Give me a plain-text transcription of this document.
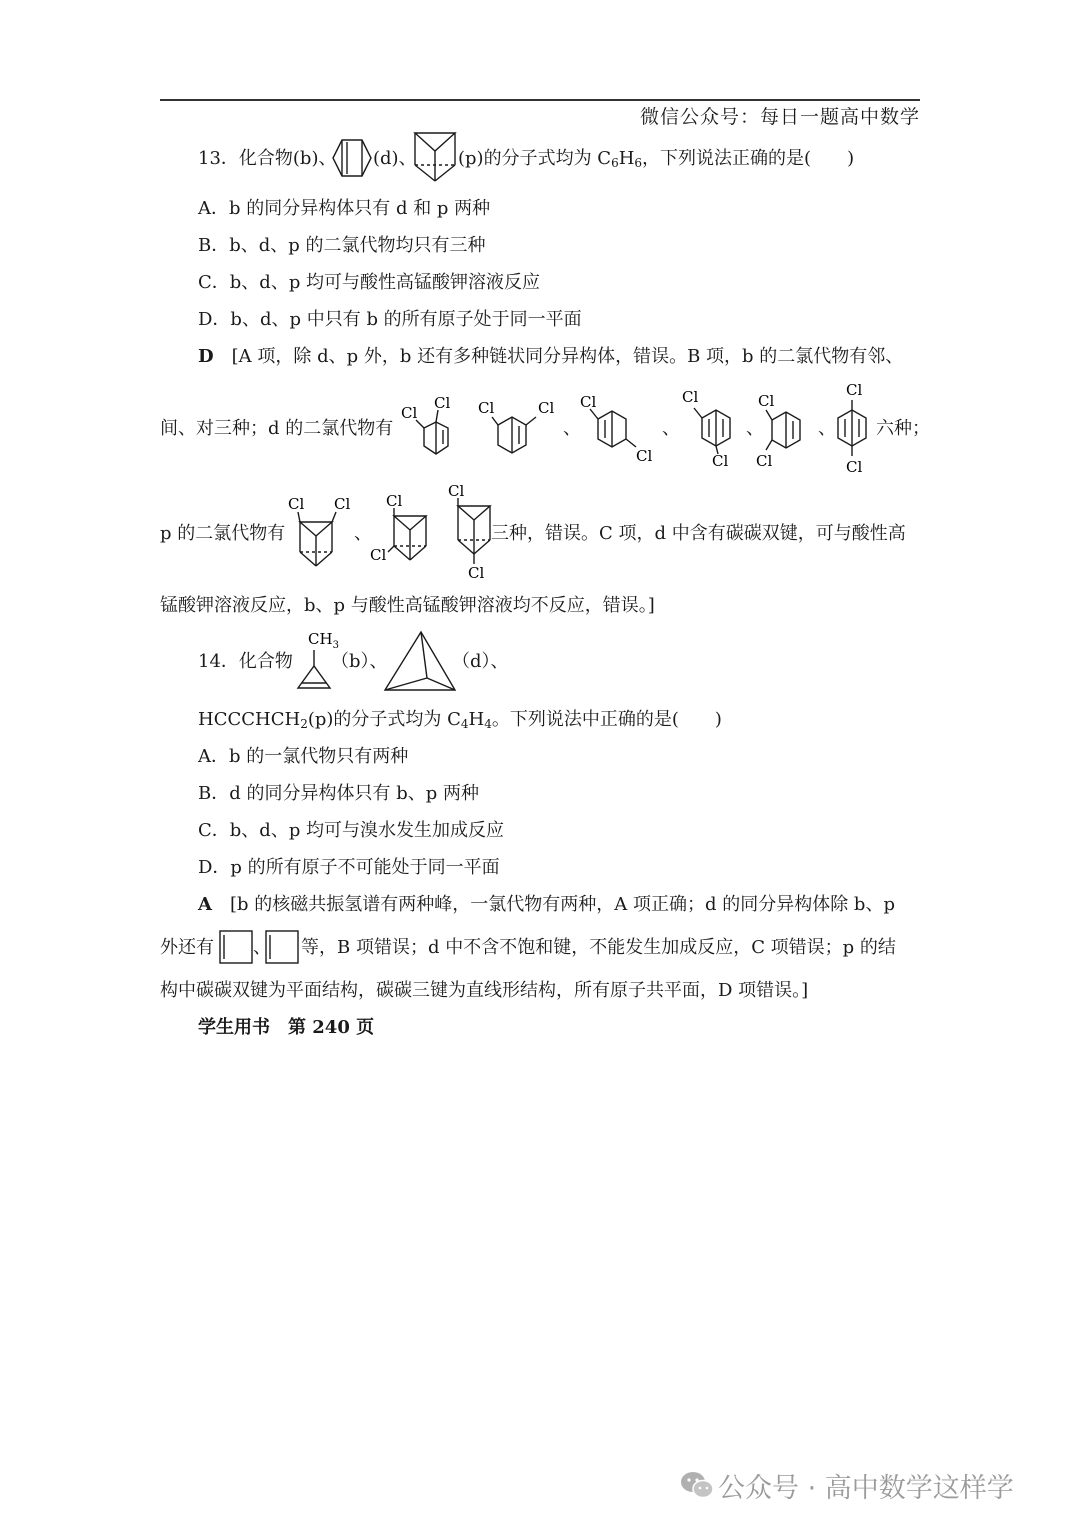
微信公众号：每日一题高中数学
13．化合物(b)、 (d)、 (p)的分子式均为 $C_6H_6$，下列说法正确的是(　　)
A．b 的同分异构体只有 d 和 p 两种
B．b、d、p 的二氯代物均只有三种
C．b、d、p 均可与酸性高锰酸钾溶液反应
D．b、d、p 中只有 b 的所有原子处于同一平面
D　 [A 项，除 d、p 外，b 还有多种链状同分异构体，错误。B 项，b 的二氯代物有邻、
间、对三种；d 的二氯代物有
Cl
Cl	Cl	Cl
、
Cl
Cl
、
Cl
Cl
、
Cl
Cl
、
Cl
Cl
六种；
p 的二氯代物有
Cl Cl
、
Cl
Cl
Cl
Cl
三种，错误。C 项，d 中含有碳碳双键，可与酸性高
锰酸钾溶液反应，b、p 与酸性高锰酸钾溶液均不反应，错误。]
14．化合物
$CH_3$
（b）、	（d）、
$HCCCHCH_2(p)$的分子式均为 $C_4H_4$。下列说法中正确的是(　　)
A．b 的一氯代物只有两种
B．d 的同分异构体只有 b、p 两种
C．b、d、p 均可与溴水发生加成反应
D．p 的所有原子不可能处于同一平面
A　 [b 的核磁共振氢谱有两种峰，一氯代物有两种，A 项正确；d 的同分异构体除 b、p
外还有 、 等，B 项错误；d 中不含不饱和键，不能发生加成反应，C 项错误；p 的结
构中碳碳双键为平面结构，碳碳三键为直线形结构，所有原子共平面，D 项错误。]
学生用书　第 240 页
公众号 · 高中数学这样学
